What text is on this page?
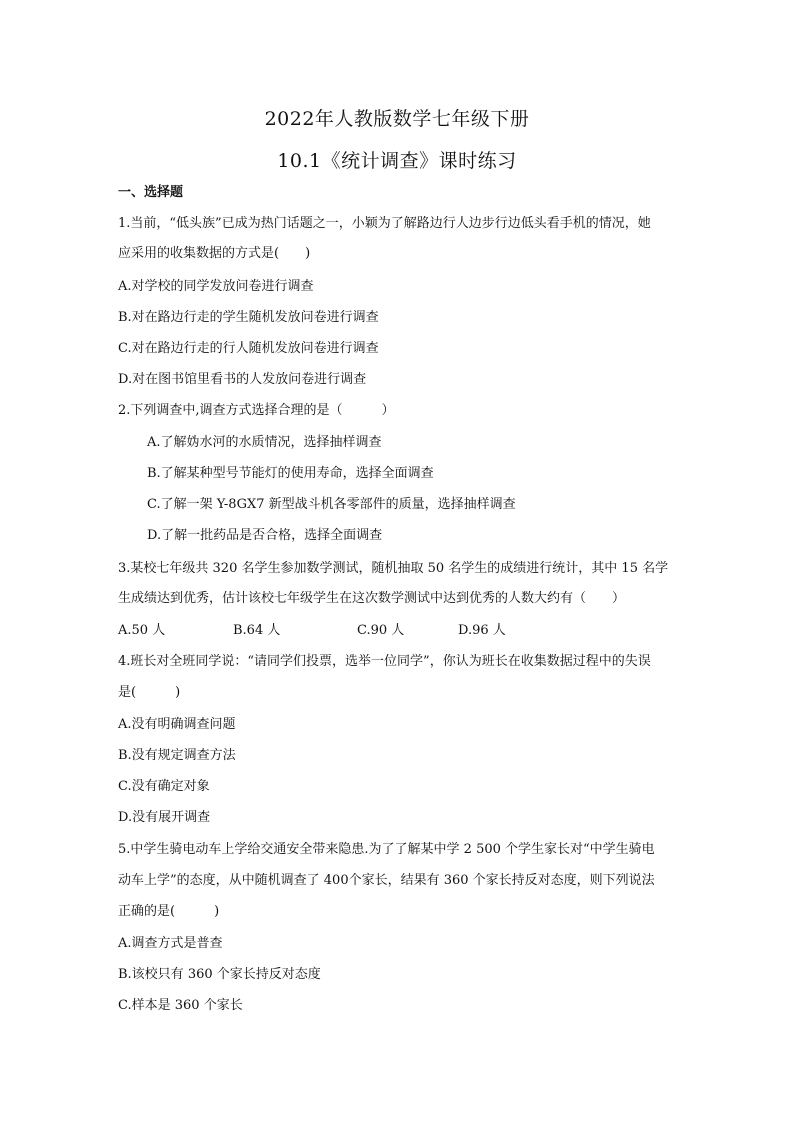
2022年人教版数学七年级下册
10.1《统计调查》课时练习
一、选择题
1.当前，“低头族”已成为热门话题之一，小颖为了解路边行人边步行边低头看手机的情况，她
应采用的收集数据的方式是(　　)
A.对学校的同学发放问卷进行调查
B.对在路边行走的学生随机发放问卷进行调查
C.对在路边行走的行人随机发放问卷进行调查
D.对在图书馆里看书的人发放问卷进行调查
2.下列调查中,调查方式选择合理的是（　　　）
A.了解妫水河的水质情况，选择抽样调查
B.了解某种型号节能灯的使用寿命，选择全面调查
C.了解一架 Y-8GX7 新型战斗机各零部件的质量，选择抽样调查
D.了解一批药品是否合格，选择全面调查
3.某校七年级共 320 名学生参加数学测试，随机抽取 50 名学生的成绩进行统计，其中 15 名学
生成绩达到优秀，估计该校七年级学生在这次数学测试中达到优秀的人数大约有（　　）
A.50 人	B.64 人	C.90 人	D.96 人
4.班长对全班同学说：“请同学们投票，选举一位同学”，你认为班长在收集数据过程中的失误
是(　　　)
A.没有明确调查问题
B.没有规定调查方法
C.没有确定对象
D.没有展开调查
5.中学生骑电动车上学给交通安全带来隐患.为了了解某中学 2 500 个学生家长对“中学生骑电
动车上学”的态度，从中随机调查了 400个家长，结果有 360 个家长持反对态度，则下列说法
正确的是(　　　)
A.调查方式是普查
B.该校只有 360 个家长持反对态度
C.样本是 360 个家长
